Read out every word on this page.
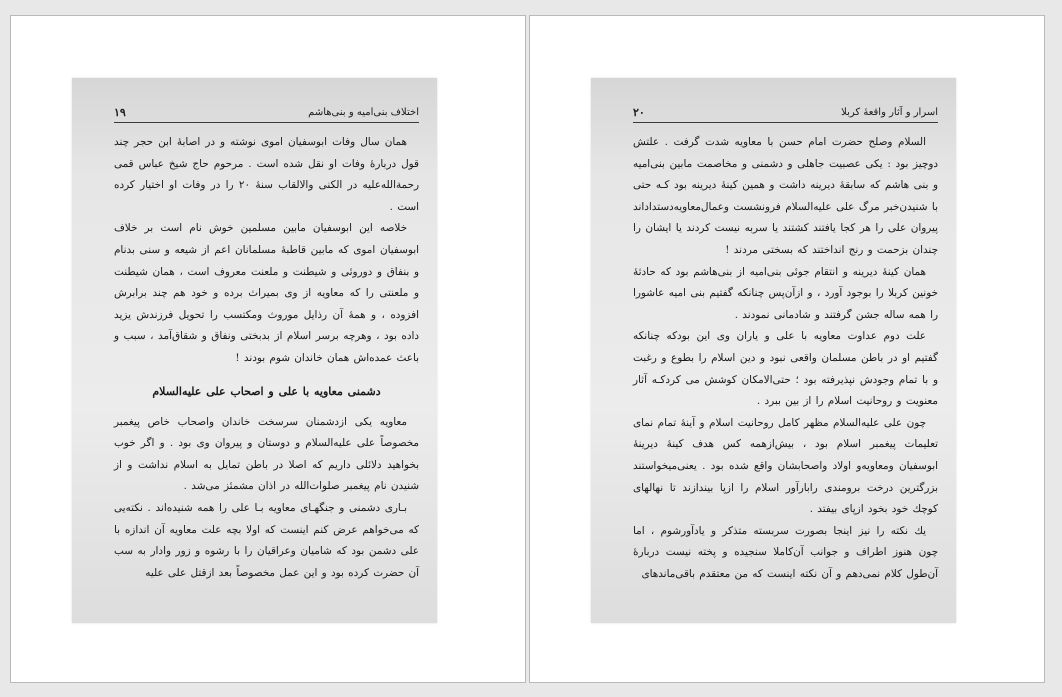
اختلاف بنی‌امیه و بنی‌هاشم
۱۹

همان سال وفات ابوسفیان اموی نوشته و در اصابهٔ ابن حجر چند قول دربارهٔ وفات او نقل شده است . مرحوم حاج شیخ عباس قمی رحمة‌الله‌علیه در الکنی والالقاب سنهٔ ۲۰ را در وفات او اختیار کرده است .

خلاصه این ابوسفیان مابین مسلمین خوش نام است بر خلاف ابوسفیان اموی که مابین قاطبهٔ مسلمانان اعم از شیعه و سنی بدنام و بنفاق و دوروئی و شیطنت و ملعنت معروف است ، همان شیطنت و ملعنتی را که معاویه از وی بمیراث برده و خود هم چند برابرش افزوده ، و همهٔ آن رذایل موروث ومکتسب را تحویل فرزندش یزید داده بود ، وهرچه برسر اسلام از بدبختی ونفاق و شقاق‌آمد ، سبب و باعث عمده‌اش همان خاندان شوم بودند !

دشمنی معاویه با علی و اصحاب علی علیه‌السلام

معاویه یکی ازدشمنان سرسخت خاندان واصحاب خاص پیغمبر مخصوصاً علی علیه‌السلام و دوستان و پیروان وی بود . و اگر خوب بخواهید دلائلی داریم که اصلا در باطن تمایل به اسلام نداشت و از شنیدن نام پیغمبر صلوات‌الله در اذان مشمئز می‌شد .

بـاری دشمنی و جنگهـای معاویه بـا علی را همه شنیده‌اند . نکته‌یی که می‌خواهم عرض کنم اینست که اولا بچه علت معاویه آن اندازه با علی دشمن بود که شامیان وعراقیان را با رشوه و زور وادار به سب آن حضرت کرده بود و این عمل مخصوصاً بعد ازقتل علی علیه

اسرار و آثار واقعهٔ کربلا
۲۰

السلام وصلح حضرت امام حسن با معاویه شدت گرفت . علتش دوچیز بود : یکی عصبیت جاهلی و دشمنی و مخاصمت مابین بنی‌امیه و بنی هاشم که سابقهٔ دیرینه داشت و همین کینهٔ دیرینه بود کـه حتی با شنیدن‌خبر مرگ علی علیه‌السلام فرونشست وعمال‌معاویه‌دستداداند پیروان علی را هر کجا یافتند کشتند یا سربه نیست کردند یا ایشان را چندان بزحمت و رنج انداختند که بسختی مردند !

همان کینهٔ دیرینه و انتقام جوئی بنی‌امیه از بنی‌هاشم بود که حادثهٔ خونین کربلا را بوجود آورد ، و ازآن‌پس چنانکه گفتیم بنی امیه عاشورا را همه ساله جشن گرفتند و شادمانی نمودند .

علت دوم عداوت معاویه با علی و یاران وی این بودکه چنانکه گفتیم او در باطن مسلمان واقعی نبود و دین اسلام را بطوع و رغبت و با تمام وجودش نپذیرفته بود ؛ حتی‌الامکان کوشش می کردکـه آثار معنویت و روحانیت اسلام را از بین ببرد .

چون علی علیه‌السلام مظهر کامل روحانیت اسلام و آینهٔ تمام نمای تعلیمات پیغمبر اسلام بود ، بیش‌ازهمه کس هدف کینهٔ دیرینهٔ ابوسفیان ومعاویه‌و اولاد واصحابشان واقع شده بود . یعنی‌میخواستند بزرگترین درخت برومندی رابارآور اسلام را ازپا بیندازند تا نهالهای کوچك خود بخود ازپای بیفتد .

یك نکته را نیز اینجا بصورت سربسته متذکر و یادآورشوم ، اما چون هنوز اطراف و جوانب آن‌کاملا سنجیده و پخته نیست دربارهٔ آن‌طول کلام نمی‌دهم و آن نکته اینست که من معتقدم باقی‌ماندهای
